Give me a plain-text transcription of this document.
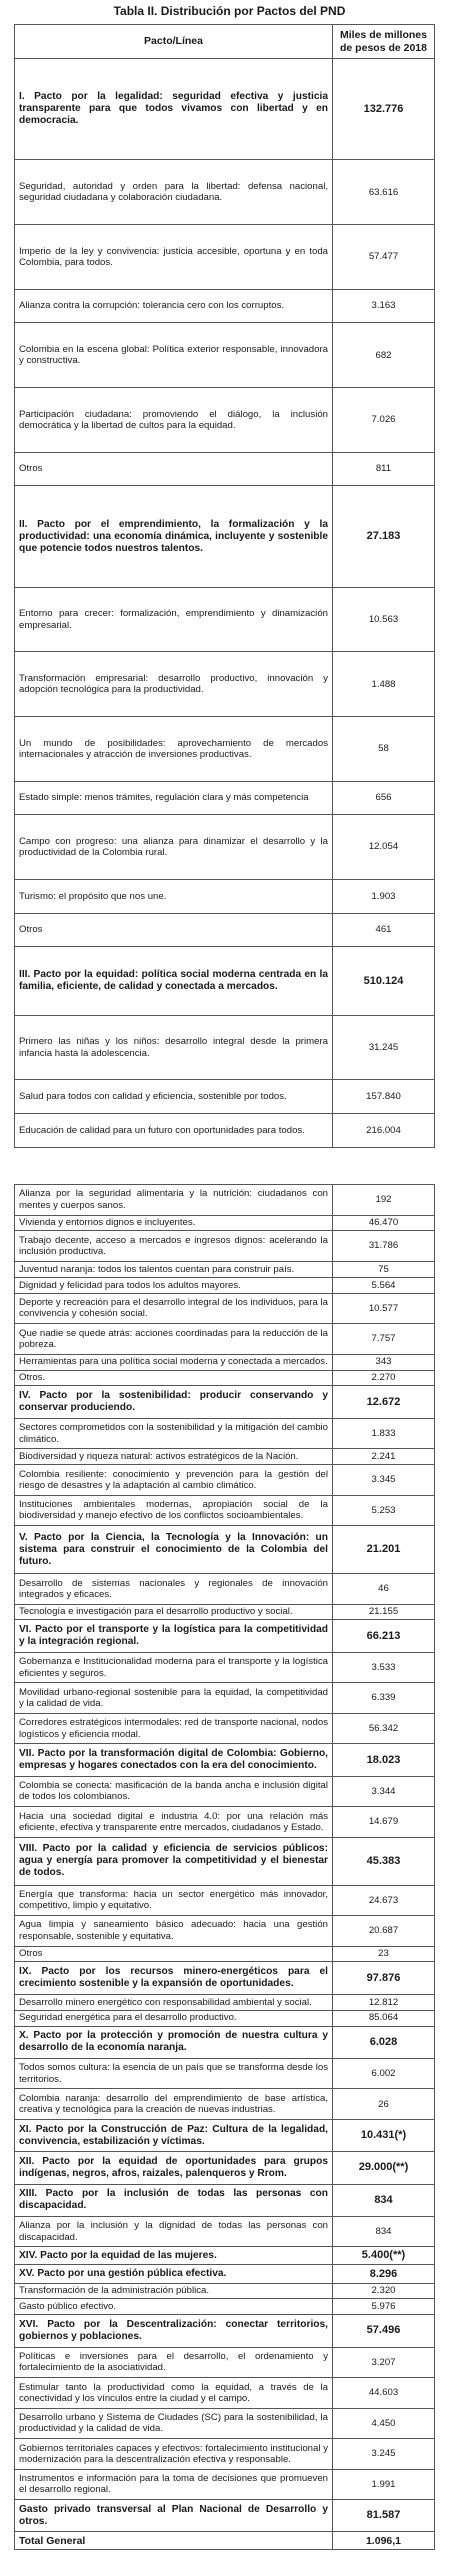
Tabla II. Distribución por Pactos del PND
Pacto/Línea	Miles de millones de pesos de 2018
I. Pacto por la legalidad: seguridad efectiva y justicia transparente para que todos vivamos con libertad y en democracia.	132.776
Seguridad, autoridad y orden para la libertad: defensa nacional, seguridad ciudadana y colaboración ciudadana.	63.616
Imperio de la ley y convivencia: justicia accesible, oportuna y en toda Colombia, para todos.	57.477
Alianza contra la corrupción: tolerancia cero con los corruptos.	3.163
Colombia en la escena global: Política exterior responsable, innovadora y constructiva.	682
Participación ciudadana: promoviendo el diálogo, la inclusión democrática y la libertad de cultos para la equidad.	7.026
Otros	811
II. Pacto por el emprendimiento, la formalización y la productividad: una economía dinámica, incluyente y sostenible que potencie todos nuestros talentos.	27.183
Entorno para crecer: formalización, emprendimiento y dinamización empresarial.	10.563
Transformación empresarial: desarrollo productivo, innovación y adopción tecnológica para la productividad.	1.488
Un mundo de posibilidades: aprovechamiento de mercados internacionales y atracción de inversiones productivas.	58
Estado simple: menos trámites, regulación clara y más competencia	656
Campo con progreso: una alianza para dinamizar el desarrollo y la productividad de la Colombia rural.	12.054
Turismo: el propósito que nos une.	1.903
Otros	461
III. Pacto por la equidad: política social moderna centrada en la familia, eficiente, de calidad y conectada a mercados.	510.124
Primero las niñas y los niños: desarrollo integral desde la primera infancia hasta la adolescencia.	31.245
Salud para todos con calidad y eficiencia, sostenible por todos.	157.840
Educación de calidad para un futuro con oportunidades para todos.	216.004
Alianza por la seguridad alimentaria y la nutrición: ciudadanos con mentes y cuerpos sanos.	192
Vivienda y entornos dignos e incluyentes.	46.470
Trabajo decente, acceso a mercados e ingresos dignos: acelerando la inclusión productiva.	31.786
Juventud naranja: todos los talentos cuentan para construir país.	75
Dignidad y felicidad para todos los adultos mayores.	5.564
Deporte y recreación para el desarrollo integral de los individuos, para la convivencia y cohesión social.	10.577
Que nadie se quede atrás: acciones coordinadas para la reducción de la pobreza.	7.757
Herramientas para una política social moderna y conectada a mercados.	343
Otros.	2.270
IV. Pacto por la sostenibilidad: producir conservando y conservar produciendo.	12.672
Sectores comprometidos con la sostenibilidad y la mitigación del cambio climático.	1.833
Biodiversidad y riqueza natural: activos estratégicos de la Nación.	2.241
Colombia resiliente: conocimiento y prevención para la gestión del riesgo de desastres y la adaptación al cambio climático.	3.345
Instituciones ambientales modernas, apropiación social de la biodiversidad y manejo efectivo de los conflictos socioambientales.	5.253
V. Pacto por la Ciencia, la Tecnología y la Innovación: un sistema para construir el conocimiento de la Colombia del futuro.	21.201
Desarrollo de sistemas nacionales y regionales de innovación integrados y eficaces.	46
Tecnología e investigación para el desarrollo productivo y social.	21.155
VI. Pacto por el transporte y la logística para la competitividad y la integración regional.	66.213
Gobernanza e Institucionalidad moderna para el transporte y la logística eficientes y seguros.	3.533
Movilidad urbano-regional sostenible para la equidad, la competitividad y la calidad de vida.	6.339
Corredores estratégicos intermodales: red de transporte nacional, nodos logísticos y eficiencia modal.	56.342
VII. Pacto por la transformación digital de Colombia: Gobierno, empresas y hogares conectados con la era del conocimiento.	18.023
Colombia se conecta: masificación de la banda ancha e inclusión digital de todos los colombianos.	3.344
Hacia una sociedad digital e industria 4.0: por una relación más eficiente, efectiva y transparente entre mercados, ciudadanos y Estado.	14.679
VIII. Pacto por la calidad y eficiencia de servicios públicos: agua y energía para promover la competitividad y el bienestar de todos.	45.383
Energía que transforma: hacia un sector energético más innovador, competitivo, limpio y equitativo.	24.673
Agua limpia y saneamiento básico adecuado: hacia una gestión responsable, sostenible y equitativa.	20.687
Otros	23
IX. Pacto por los recursos minero-energéticos para el crecimiento sostenible y la expansión de oportunidades.	97.876
Desarrollo minero energético con responsabilidad ambiental y social.	12.812
Seguridad energética para el desarrollo productivo.	85.064
X. Pacto por la protección y promoción de nuestra cultura y desarrollo de la economía naranja.	6.028
Todos somos cultura: la esencia de un país que se transforma desde los territorios.	6.002
Colombia naranja: desarrollo del emprendimiento de base artística, creativa y tecnológica para la creación de nuevas industrias.	26
XI. Pacto por la Construcción de Paz: Cultura de la legalidad, convivencia, estabilización y víctimas.	10.431(*)
XII. Pacto por la equidad de oportunidades para grupos indígenas, negros, afros, raizales, palenqueros y Rrom.	29.000(**)
XIII. Pacto por la inclusión de todas las personas con discapacidad.	834
Alianza por la inclusión y la dignidad de todas las personas con discapacidad.	834
XIV. Pacto por la equidad de las mujeres.	5.400(**)
XV. Pacto por una gestión pública efectiva.	8.296
Transformación de la administración pública.	2.320
Gasto público efectivo.	5.976
XVI. Pacto por la Descentralización: conectar territorios, gobiernos y poblaciones.	57.496
Políticas e inversiones para el desarrollo, el ordenamiento y fortalecimiento de la asociatividad.	3.207
Estimular tanto la productividad como la equidad, a través de la conectividad y los vínculos entre la ciudad y el campo.	44.603
Desarrollo urbano y Sistema de Ciudades (SC) para la sostenibilidad, la productividad y la calidad de vida.	4.450
Gobiernos territoriales capaces y efectivos: fortalecimiento institucional y modernización para la descentralización efectiva y responsable.	3.245
Instrumentos e información para la toma de decisiones que promueven el desarrollo regional.	1.991
Gasto privado transversal al Plan Nacional de Desarrollo y otros.	81.587
Total General	1.096,1
